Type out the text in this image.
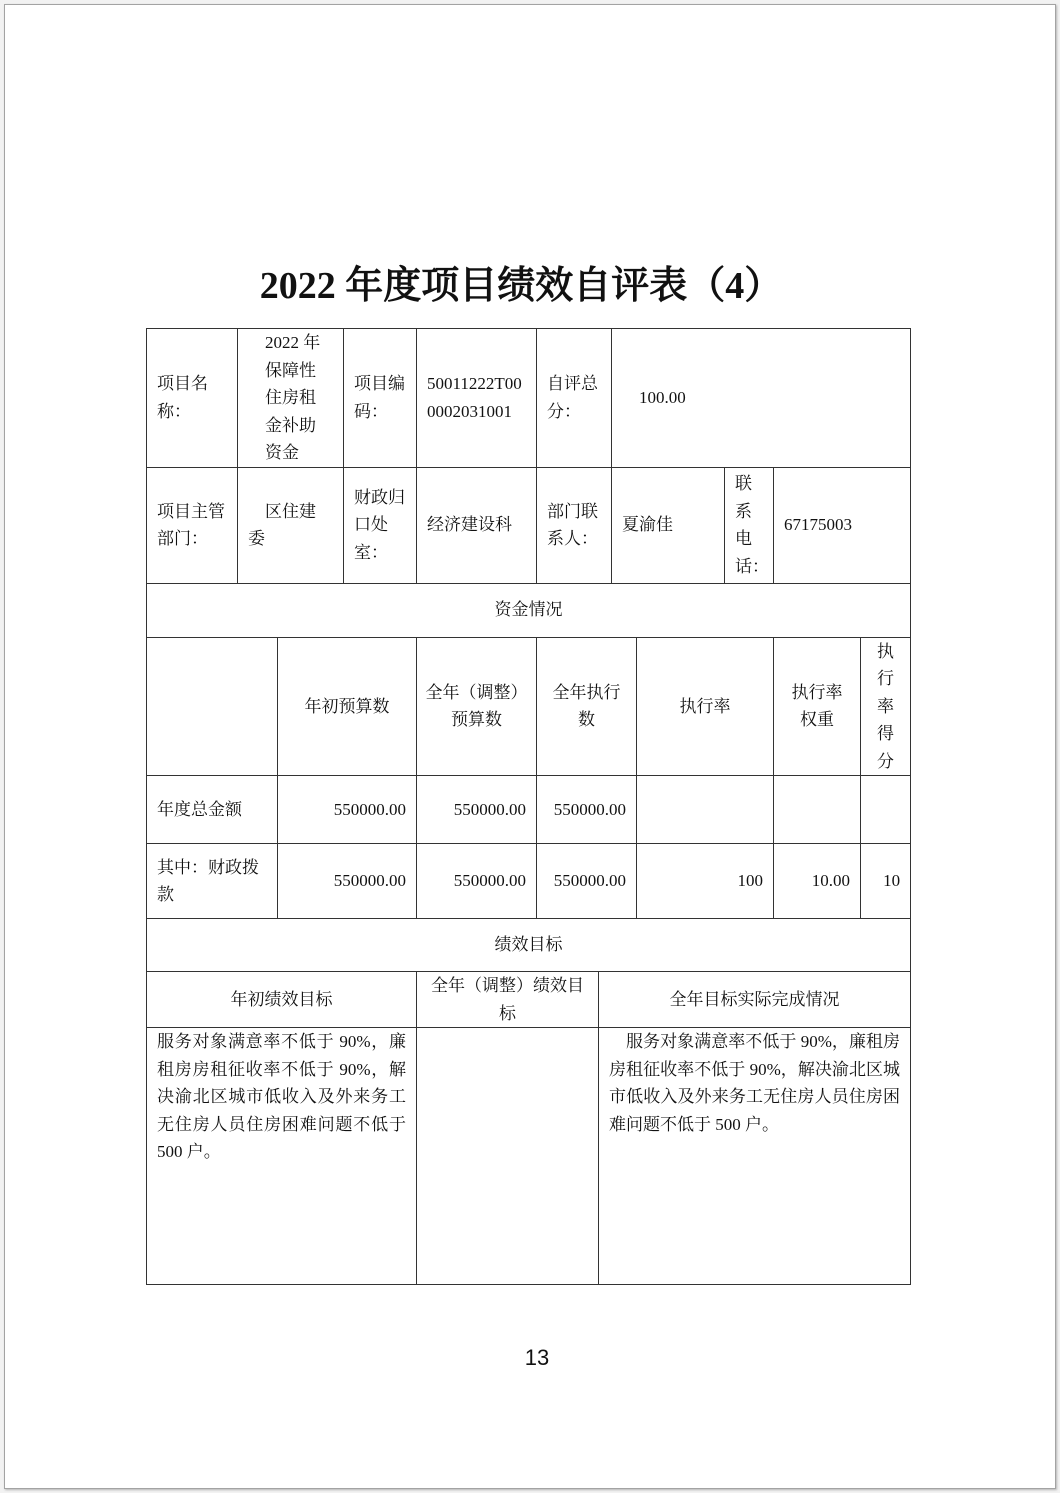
2022 年度项目绩效自评表（4）
项目名称：	2022 年保障性住房租金补助资金		项目编码：	50011222T000002031001	自评总分：		100.00				
项目主管部门：	区住建委		财政归口处室：	经济建设科	部门联系人：		夏渝佳		联系电话：	67175003	
资金情况											
		年初预算数		全年（调整）预算数	全年执行数			执行率		执行率权重	执行率得分
年度总金额		550000.00		550000.00	550000.00						
其中：财政拨款		550000.00		550000.00	550000.00			100		10.00	10
绩效目标											
年初绩效目标				全年（调整）绩效目标		全年目标实际完成情况					
服务对象满意率不低于 90%，廉租房房租征收率不低于 90%，解决渝北区城市低收入及外来务工无住房人员住房困难问题不低于 500 户。						服务对象满意率不低于 90%，廉租房房租征收率不低于 90%，解决渝北区城市低收入及外来务工无住房人员住房困难问题不低于 500 户。					
13
